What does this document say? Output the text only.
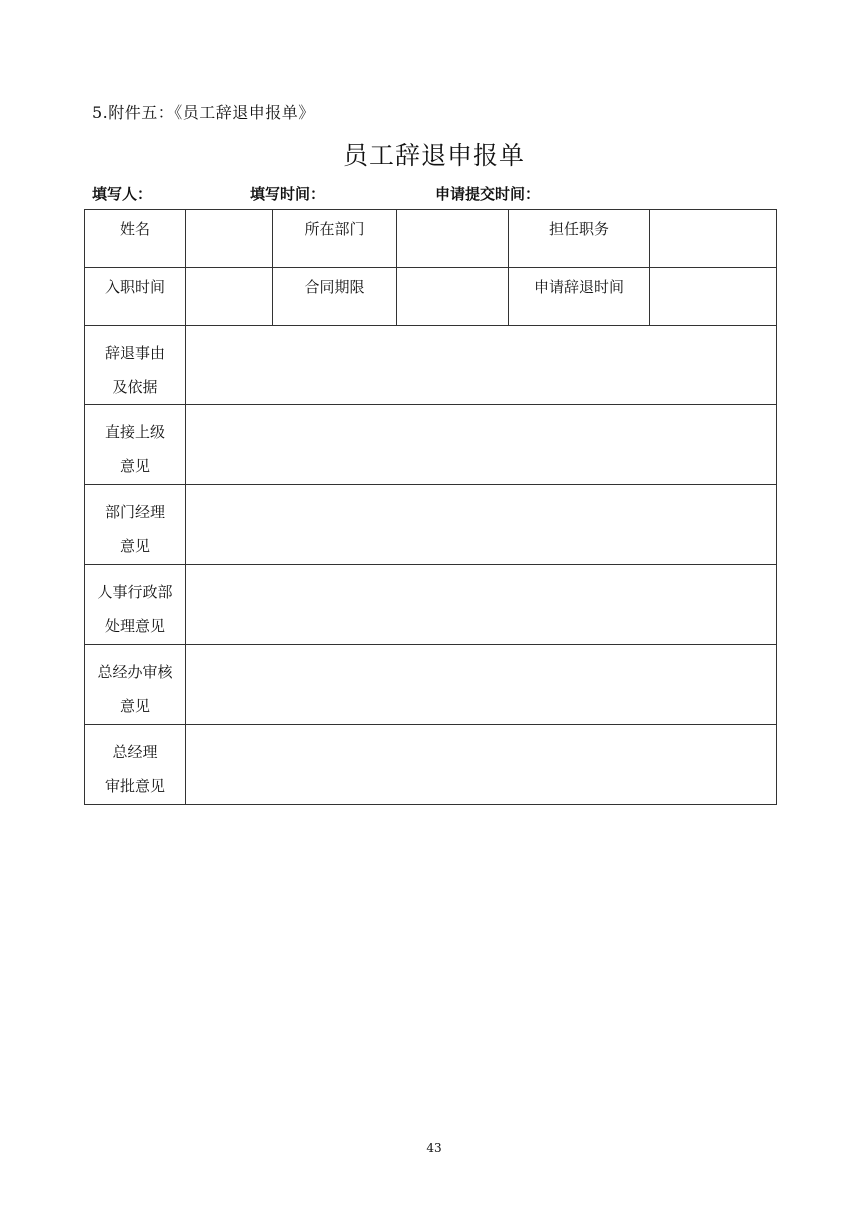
5.附件五：《员工辞退申报单》
员工辞退申报单
填写人：	填写时间：	申请提交时间：
姓名		所在部门		担任职务	

入职时间		合同期限		申请辞退时间	

辞退事由
及依据					

直接上级
意见					

部门经理
意见					

人事行政部
处理意见					

总经办审核
意见					

总经理
审批意见					

43
